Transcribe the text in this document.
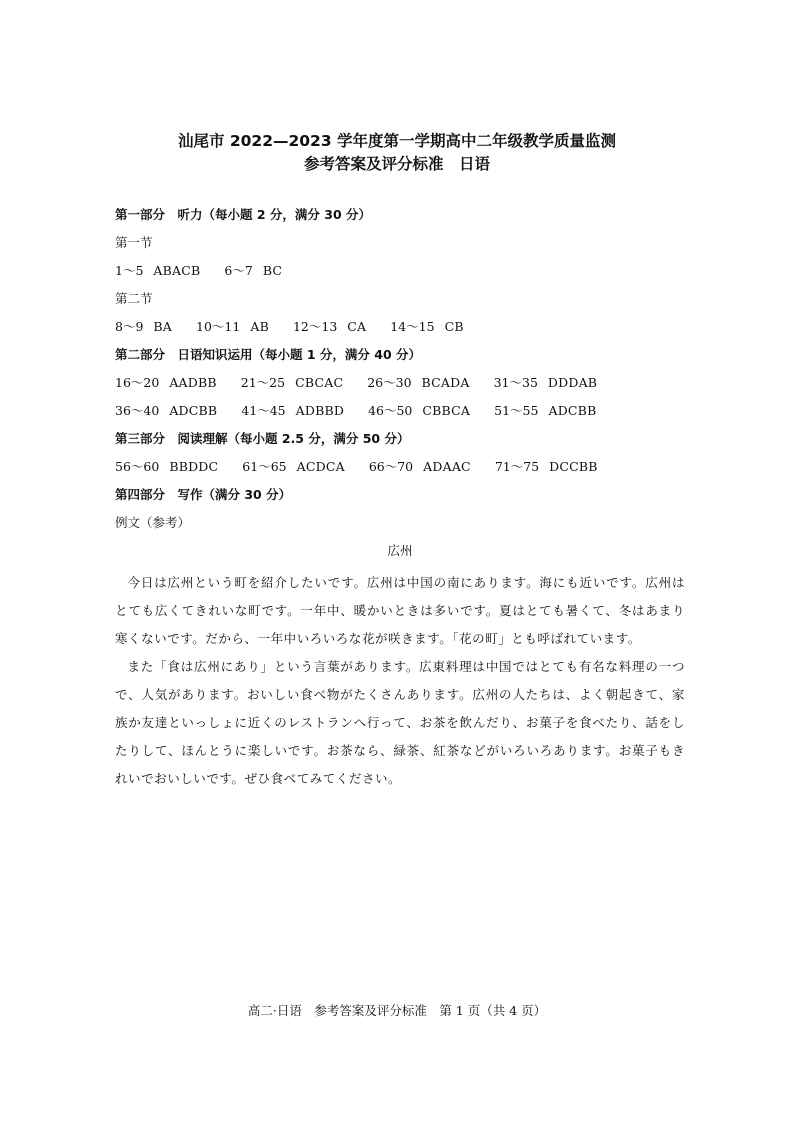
汕尾市 2022—2023 学年度第一学期高中二年级教学质量监测
参考答案及评分标准　日语
第一部分　听力（每小题 2 分，满分 30 分）
第一节
1～5 ABACB 6～7 BC
第二节
8～9 BA 10～11 AB 12～13 CA 14～15 CB
第二部分　日语知识运用（每小题 1 分，满分 40 分）
16～20 AADBB 21～25 CBCAC 26～30 BCADA 31～35 DDDAB
36～40 ADCBB 41～45 ADBBD 46～50 CBBCA 51～55 ADCBB
第三部分　阅读理解（每小题 2.5 分，满分 50 分）
56～60 BBDDC 61～65 ACDCA 66～70 ADAAC 71～75 DCCBB
第四部分　写作（满分 30 分）
例文（参考）
広州

今日は広州という町を紹介したいです。広州は中国の南にあります。海にも近いです。広州はとても広くてきれいな町です。一年中、暖かいときは多いです。夏はとても暑くて、冬はあまり寒くないです。だから、一年中いろいろな花が咲きます。「花の町」とも呼ばれています。

また「食は広州にあり」という言葉があります。広東料理は中国ではとても有名な料理の一つで、人気があります。おいしい食べ物がたくさんあります。広州の人たちは、よく朝起きて、家族か友達といっしょに近くのレストランへ行って、お茶を飲んだり、お菓子を食べたり、話をしたりして、ほんとうに楽しいです。お茶なら、緑茶、紅茶などがいろいろあります。お菓子もきれいでおいしいです。ぜひ食べてみてください。

高二·日语　参考答案及评分标准　第 1 页（共 4 页）
